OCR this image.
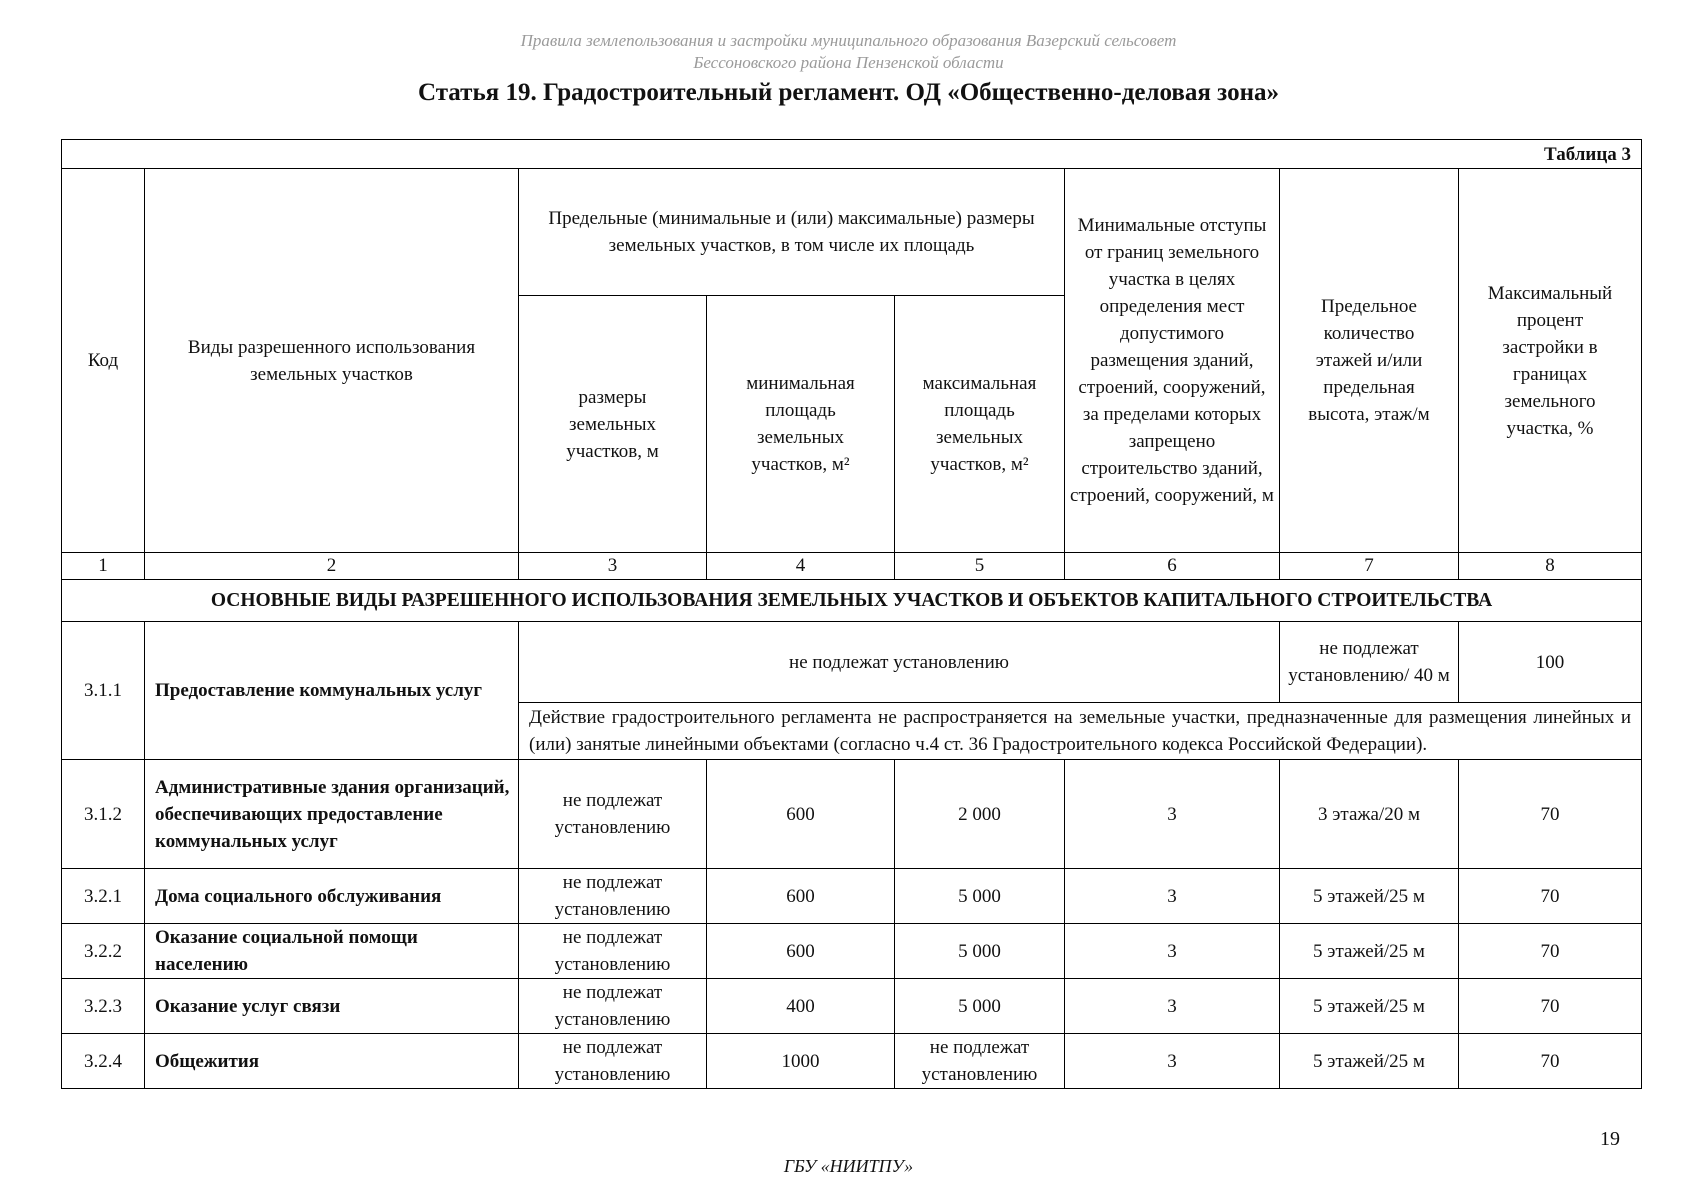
Правила землепользования и застройки муниципального образования Вазерский сельсовет
Бессоновского района Пензенской области
Статья 19. Градостроительный регламент. ОД «Общественно-деловая зона»
Таблица 3							
Код	Виды разрешенного использования земельных участков	Предельные (минимальные и (или) максимальные) размеры земельных участков, в том числе их площадь			Минимальные отступы от границ земельного участка в целях определения мест допустимого размещения зданий, строений, сооружений, за пределами которых запрещено строительство зданий, строений, сооружений, м	Предельное количество этажей и/или предельная высота, этаж/м	Максимальный процент застройки в границах земельного участка, %
		размеры земельных участков, м	минимальная площадь земельных участков, м²	максимальная площадь земельных участков, м²			
1	2	3	4	5	6	7	8
ОСНОВНЫЕ ВИДЫ РАЗРЕШЕННОГО ИСПОЛЬЗОВАНИЯ ЗЕМЕЛЬНЫХ УЧАСТКОВ И ОБЪЕКТОВ КАПИТАЛЬНОГО СТРОИТЕЛЬСТВА							
3.1.1	Предоставление коммунальных услуг	не подлежат установлению				не подлежат установлению/ 40 м	100
		Действие градостроительного регламента не распространяется на земельные участки, предназначенные для размещения линейных и (или) занятые линейными объектами (согласно ч.4 ст. 36 Градостроительного кодекса Российской Федерации).					
3.1.2	Административные здания организаций, обеспечивающих предоставление коммунальных услуг	не подлежат установлению	600	2 000	3	3 этажа/20 м	70
3.2.1	Дома социального обслуживания	не подлежат установлению	600	5 000	3	5 этажей/25 м	70
3.2.2	Оказание социальной помощи населению	не подлежат установлению	600	5 000	3	5 этажей/25 м	70
3.2.3	Оказание услуг связи	не подлежат установлению	400	5 000	3	5 этажей/25 м	70
3.2.4	Общежития	не подлежат установлению	1000	не подлежат установлению	3	5 этажей/25 м	70
19
ГБУ «НИИТПУ»
